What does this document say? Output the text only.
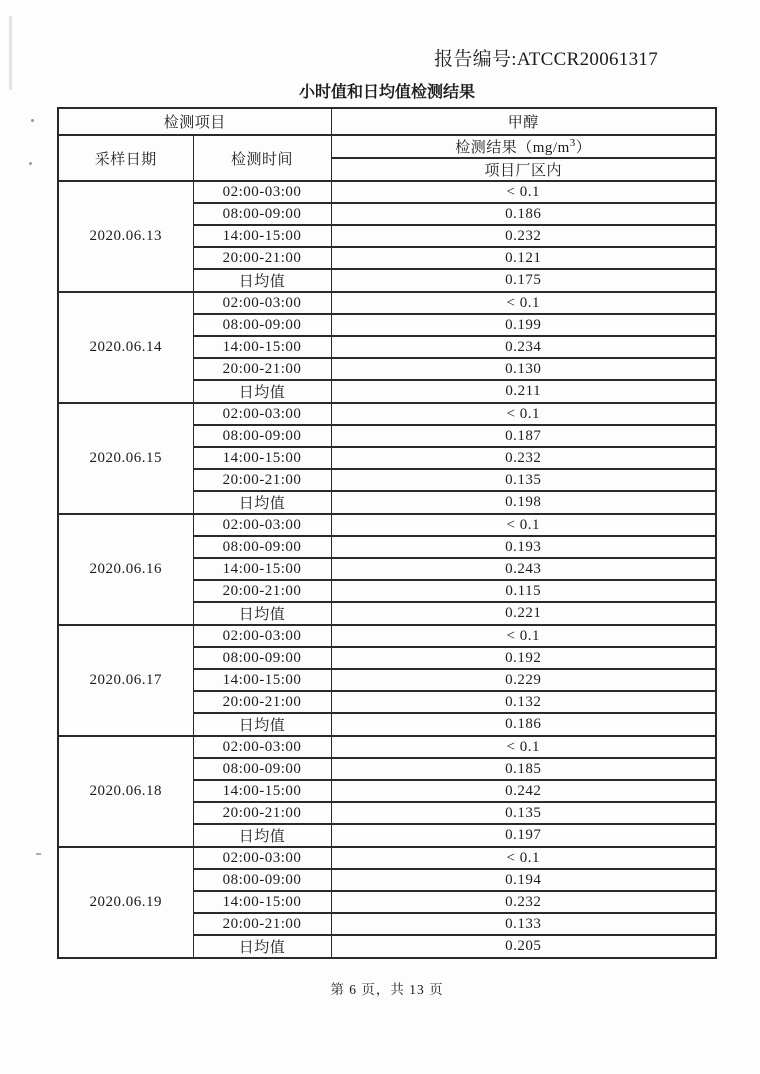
报告编号:ATCCR20061317
小时值和日均值检测结果
检测项目		甲醇
采样日期	检测时间	检测结果$(mg/m^3)$
		项目厂区内
2020.06.13	02:00-03:00	< 0.1
	08:00-09:00	0.186
	14:00-15:00	0.232
	20:00-21:00	0.121
	日均值	0.175
2020.06.14	02:00-03:00	< 0.1
	08:00-09:00	0.199
	14:00-15:00	0.234
	20:00-21:00	0.130
	日均值	0.211
2020.06.15	02:00-03:00	< 0.1
	08:00-09:00	0.187
	14:00-15:00	0.232
	20:00-21:00	0.135
	日均值	0.198
2020.06.16	02:00-03:00	< 0.1
	08:00-09:00	0.193
	14:00-15:00	0.243
	20:00-21:00	0.115
	日均值	0.221
2020.06.17	02:00-03:00	< 0.1
	08:00-09:00	0.192
	14:00-15:00	0.229
	20:00-21:00	0.132
	日均值	0.186
2020.06.18	02:00-03:00	< 0.1
	08:00-09:00	0.185
	14:00-15:00	0.242
	20:00-21:00	0.135
	日均值	0.197
2020.06.19	02:00-03:00	< 0.1
	08:00-09:00	0.194
	14:00-15:00	0.232
	20:00-21:00	0.133
	日均值	0.205
第 6 页，共 13 页
